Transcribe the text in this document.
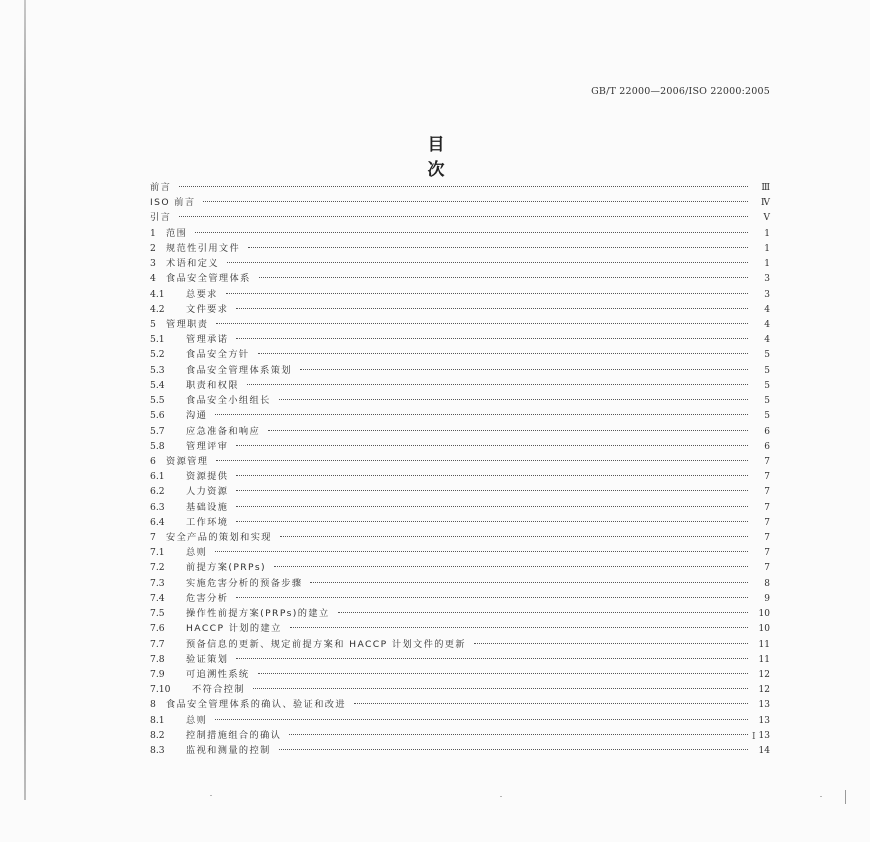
GB/T 22000—2006/ISO 22000:2005
目　　次
前言	Ⅲ
ISO 前言	Ⅳ
引言	V
1	范围	1
2	规范性引用文件	1
3	术语和定义	1
4	食品安全管理体系	3
4.1	总要求	3
4.2	文件要求	4
5	管理职责	4
5.1	管理承诺	4
5.2	食品安全方针	5
5.3	食品安全管理体系策划	5
5.4	职责和权限	5
5.5	食品安全小组组长	5
5.6	沟通	5
5.7	应急准备和响应	6
5.8	管理评审	6
6	资源管理	7
6.1	资源提供	7
6.2	人力资源	7
6.3	基础设施	7
6.4	工作环境	7
7	安全产品的策划和实现	7
7.1	总则	7
7.2	前提方案(PRPs)	7
7.3	实施危害分析的预备步骤	8
7.4	危害分析	9
7.5	操作性前提方案(PRPs)的建立	10
7.6	HACCP 计划的建立	10
7.7	预备信息的更新、规定前提方案和 HACCP 计划文件的更新	11
7.8	验证策划	11
7.9	可追溯性系统	12
7.10	不符合控制	12
8	食品安全管理体系的确认、验证和改进	13
8.1	总则	13
8.2	控制措施组合的确认	13
8.3	监视和测量的控制	14
I
